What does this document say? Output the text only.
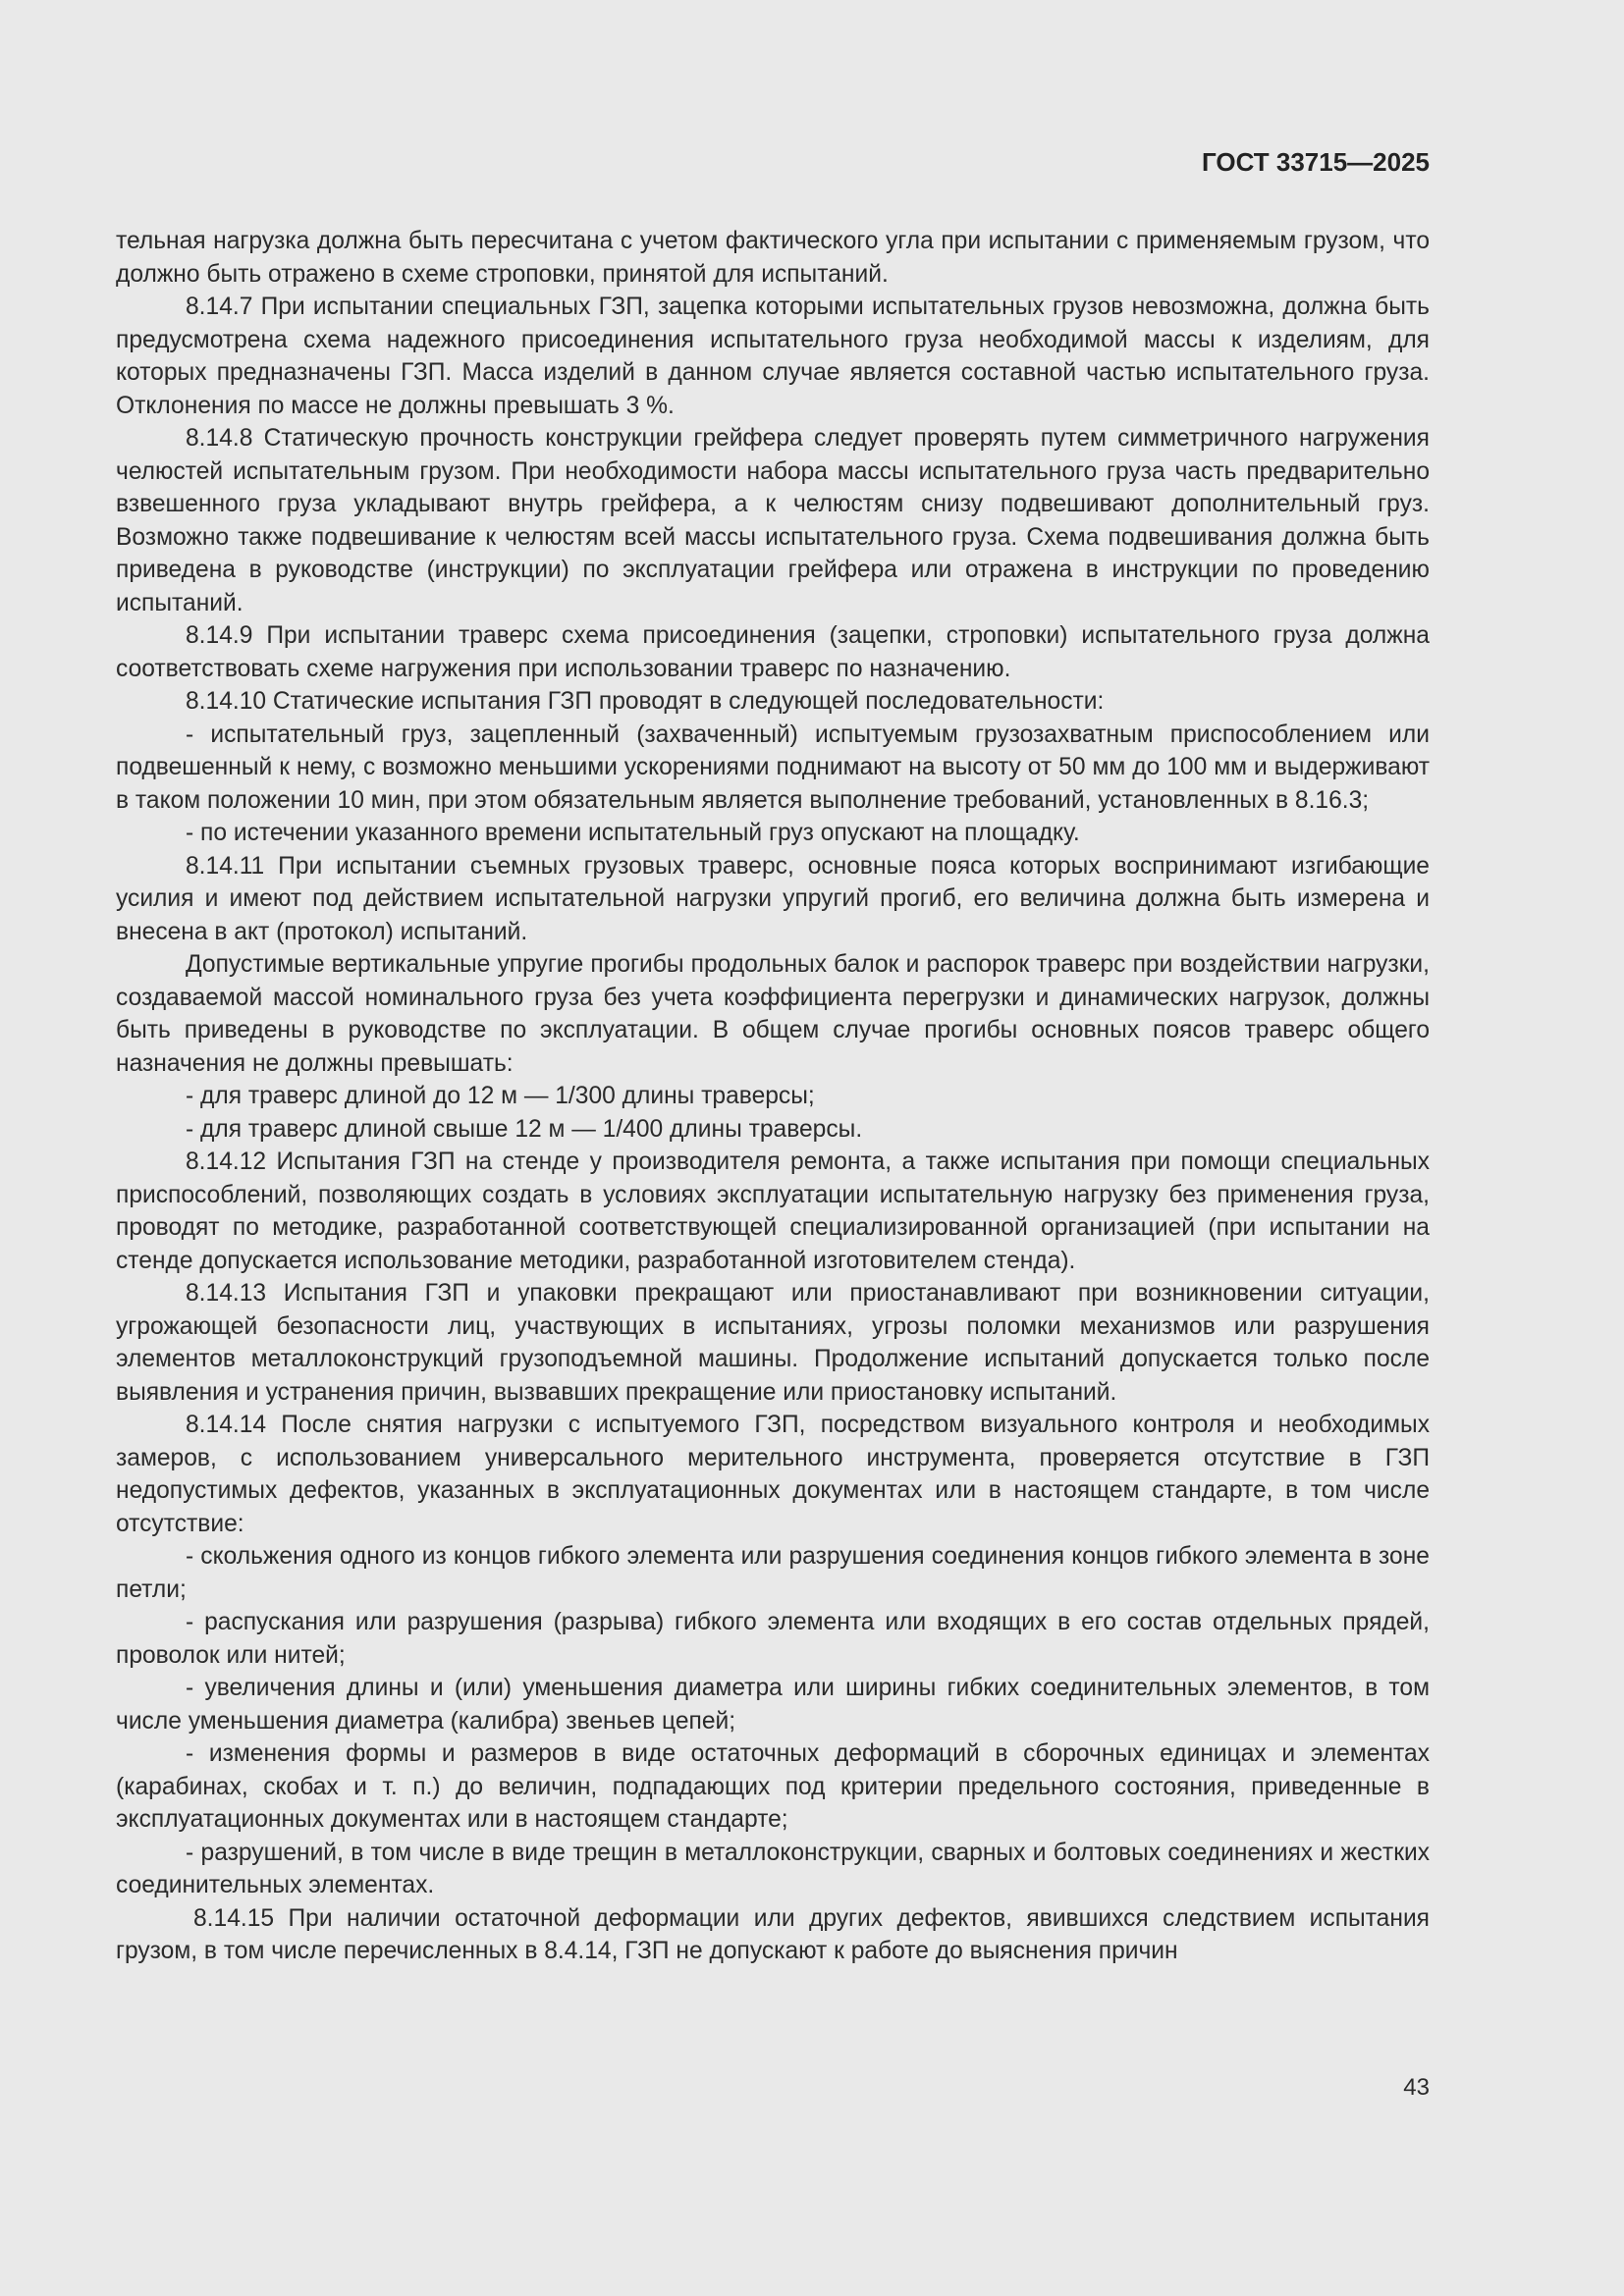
ГОСТ 33715—2025

тельная нагрузка должна быть пересчитана с учетом фактического угла при испытании с применяемым грузом, что должно быть отражено в схеме строповки, принятой для испытаний.

8.14.7 При испытании специальных ГЗП, зацепка которыми испытательных грузов невозможна, должна быть предусмотрена схема надежного присоединения испытательного груза необходимой массы к изделиям, для которых предназначены ГЗП. Масса изделий в данном случае является составной частью испытательного груза. Отклонения по массе не должны превышать 3 %.

8.14.8 Статическую прочность конструкции грейфера следует проверять путем симметричного нагружения челюстей испытательным грузом. При необходимости набора массы испытательного груза часть предварительно взвешенного груза укладывают внутрь грейфера, а к челюстям снизу подвешивают дополнительный груз. Возможно также подвешивание к челюстям всей массы испытательного груза. Схема подвешивания должна быть приведена в руководстве (инструкции) по эксплуатации грейфера или отражена в инструкции по проведению испытаний.

8.14.9 При испытании траверс схема присоединения (зацепки, строповки) испытательного груза должна соответствовать схеме нагружения при использовании траверс по назначению.

8.14.10 Статические испытания ГЗП проводят в следующей последовательности:

- испытательный груз, зацепленный (захваченный) испытуемым грузозахватным приспособлением или подвешенный к нему, с возможно меньшими ускорениями поднимают на высоту от 50 мм до 100 мм и выдерживают в таком положении 10 мин, при этом обязательным является выполнение требований, установленных в 8.16.3;

- по истечении указанного времени испытательный груз опускают на площадку.

8.14.11 При испытании съемных грузовых траверс, основные пояса которых воспринимают изгибающие усилия и имеют под действием испытательной нагрузки упругий прогиб, его величина должна быть измерена и внесена в акт (протокол) испытаний.

Допустимые вертикальные упругие прогибы продольных балок и распорок траверс при воздействии нагрузки, создаваемой массой номинального груза без учета коэффициента перегрузки и динамических нагрузок, должны быть приведены в руководстве по эксплуатации. В общем случае прогибы основных поясов траверс общего назначения не должны превышать:

- для траверс длиной до 12 м — 1/300 длины траверсы;

- для траверс длиной свыше 12 м — 1/400 длины траверсы.

8.14.12 Испытания ГЗП на стенде у производителя ремонта, а также испытания при помощи специальных приспособлений, позволяющих создать в условиях эксплуатации испытательную нагрузку без применения груза, проводят по методике, разработанной соответствующей специализированной организацией (при испытании на стенде допускается использование методики, разработанной изготовителем стенда).

8.14.13 Испытания ГЗП и упаковки прекращают или приостанавливают при возникновении ситуации, угрожающей безопасности лиц, участвующих в испытаниях, угрозы поломки механизмов или разрушения элементов металлоконструкций грузоподъемной машины. Продолжение испытаний допускается только после выявления и устранения причин, вызвавших прекращение или приостановку испытаний.

8.14.14 После снятия нагрузки с испытуемого ГЗП, посредством визуального контроля и необходимых замеров, с использованием универсального мерительного инструмента, проверяется отсутствие в ГЗП недопустимых дефектов, указанных в эксплуатационных документах или в настоящем стандарте, в том числе отсутствие:

- скольжения одного из концов гибкого элемента или разрушения соединения концов гибкого элемента в зоне петли;

- распускания или разрушения (разрыва) гибкого элемента или входящих в его состав отдельных прядей, проволок или нитей;

- увеличения длины и (или) уменьшения диаметра или ширины гибких соединительных элементов, в том числе уменьшения диаметра (калибра) звеньев цепей;

- изменения формы и размеров в виде остаточных деформаций в сборочных единицах и элементах (карабинах, скобах и т. п.) до величин, подпадающих под критерии предельного состояния, приведенные в эксплуатационных документах или в настоящем стандарте;

- разрушений, в том числе в виде трещин в металлоконструкции, сварных и болтовых соединениях и жестких соединительных элементах.

8.14.15 При наличии остаточной деформации или других дефектов, явившихся следствием испытания грузом, в том числе перечисленных в 8.4.14, ГЗП не допускают к работе до выяснения причин

43
